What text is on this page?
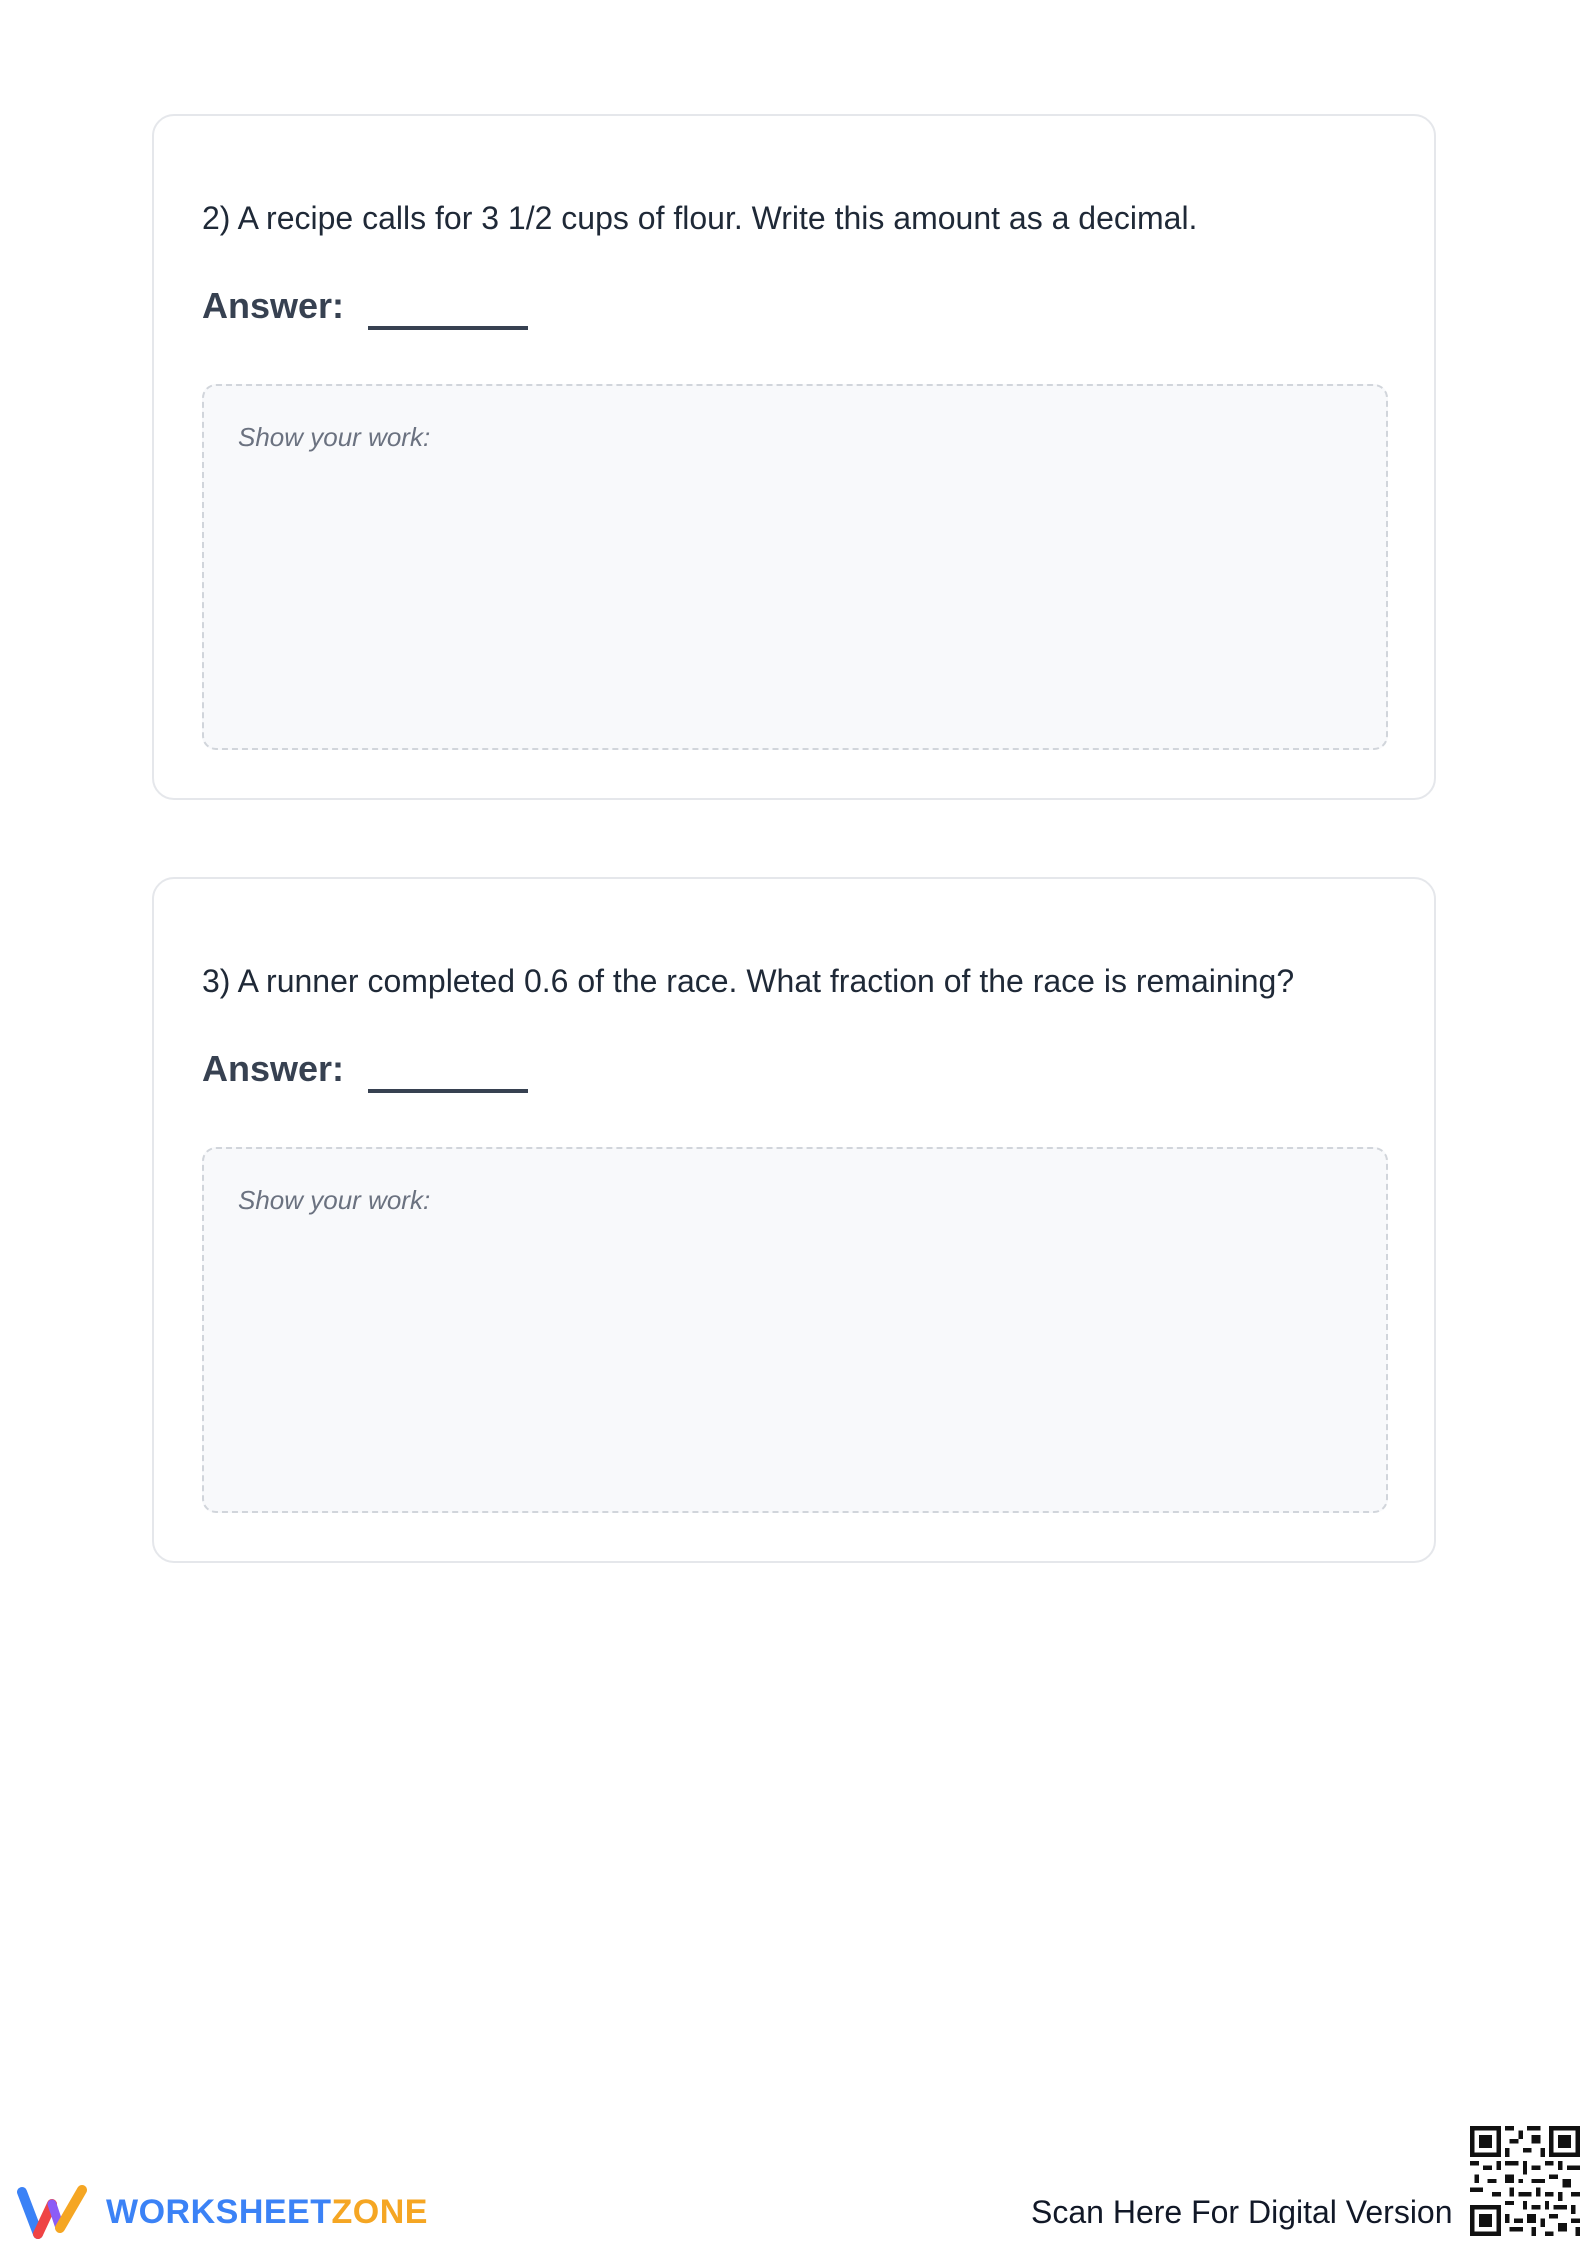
2) A recipe calls for 3 1/2 cups of flour. Write this amount as a decimal.
Answer:
Show your work:
3) A runner completed 0.6 of the race. What fraction of the race is remaining?
Answer:
Show your work:
WORKSHEETZONE	Scan Here For Digital Version
